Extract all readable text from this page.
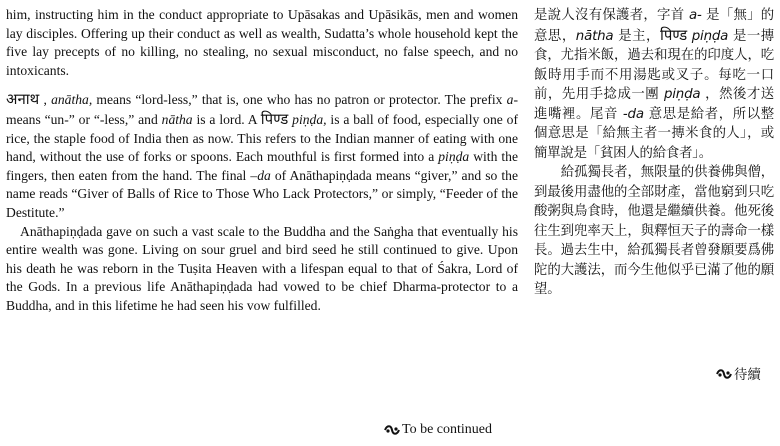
him, instructing him in the conduct appropriate to Upāsakas and Upāsikās, men and women lay disciples. Offering up their conduct as well as wealth, Sudatta’s whole household kept the five lay precepts of no killing, no stealing, no sexual misconduct, no false speech, and no intoxicants.

अनाथ , anātha, means “lord-less,” that is, one who has no patron or protector. The prefix a- means “un-” or “-less,” and nātha is a lord. A पिण्ड piṇḍa, is a ball of food, especially one of rice, the staple food of India then as now. This refers to the Indian manner of eating with one hand, without the use of forks or spoons. Each mouthful is first formed into a piṇḍa with the fingers, then eaten from the hand. The final –da of Anāthapiṇḍada means “giver,” and so the name reads “Giver of Balls of Rice to Those Who Lack Protectors,” or simply, “Feeder of the Destitute.”

Anāthapiṇḍada gave on such a vast scale to the Buddha and the Saṅgha that eventually his entire wealth was gone. Living on sour gruel and bird seed he still continued to give. Upon his death he was reborn in the Tuṣita Heaven with a lifespan equal to that of Śakra, Lord of the Gods. In a previous life Anāthapiṇḍada had vowed to be chief Dharma-protector to a Buddha, and in this lifetime he had seen his vow fulfilled.

To be continued

是說人沒有保護者，字首 a- 是「無」的意思，nātha 是主，पिण्ड piṇḍa 是一摶食，尤指米飯，過去和現在的印度人，吃飯時用手而不用湯匙或叉子。每吃一口前，先用手捻成一團 piṇḍa ，然後才送進嘴裡。尾音 -da 意思是給者，所以整個意思是「給無主者一摶米食的人」，或簡單說是「貧困人的給食者」。

給孤獨長者，無限量的供養佛與僧，到最後用盡他的全部財產，當他窮到只吃酸粥與鳥食時，他還是繼續供養。他死後往生到兜率天上，與釋恒天子的壽命一樣長。過去生中，給孤獨長者曾發願要爲佛陀的大護法，而今生他似乎已滿了他的願望。

待續
